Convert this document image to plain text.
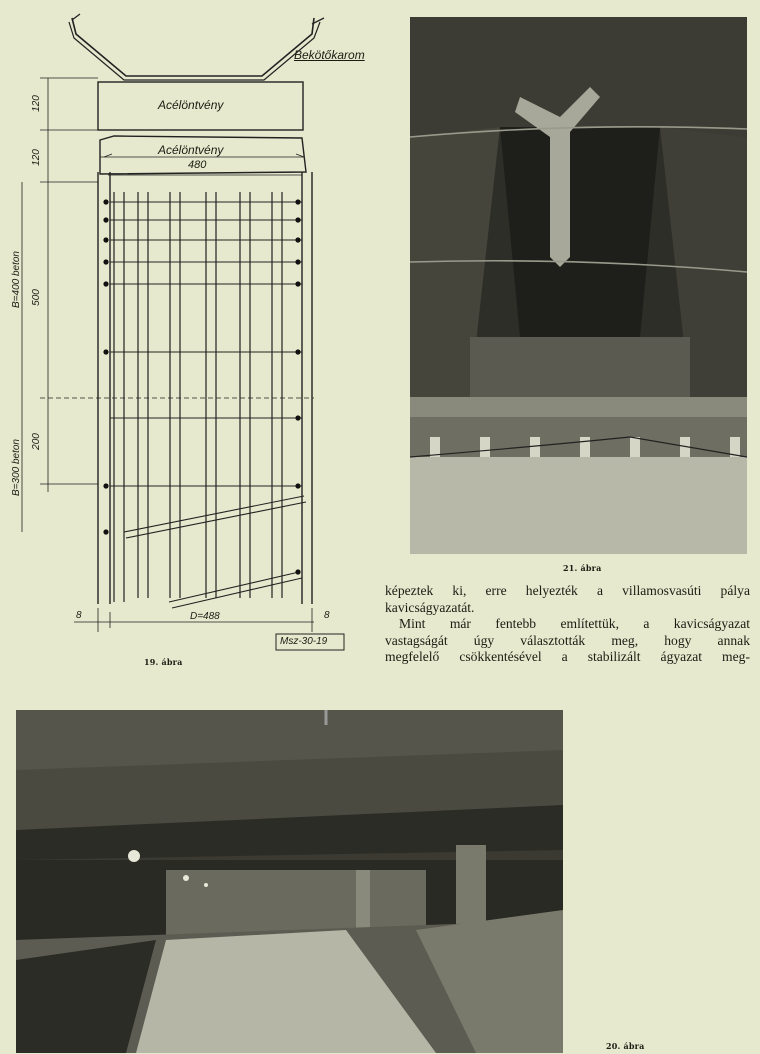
Bekötőkarom
Acélöntvény
Acélöntvény
480
120
120
500
200
B=400 beton
B=300 beton
8	8
D=488
Msz-30-19
19. ábra
21. ábra
képeztek ki, erre helyezték a villamosvasúti pálya
kavicságyazatát.
Mint már fentebb említettük, a kavicságyazat
vastagságát úgy választották meg, hogy annak
megfelelő csökkentésével a stabilizált ágyazat meg-
20. ábra
